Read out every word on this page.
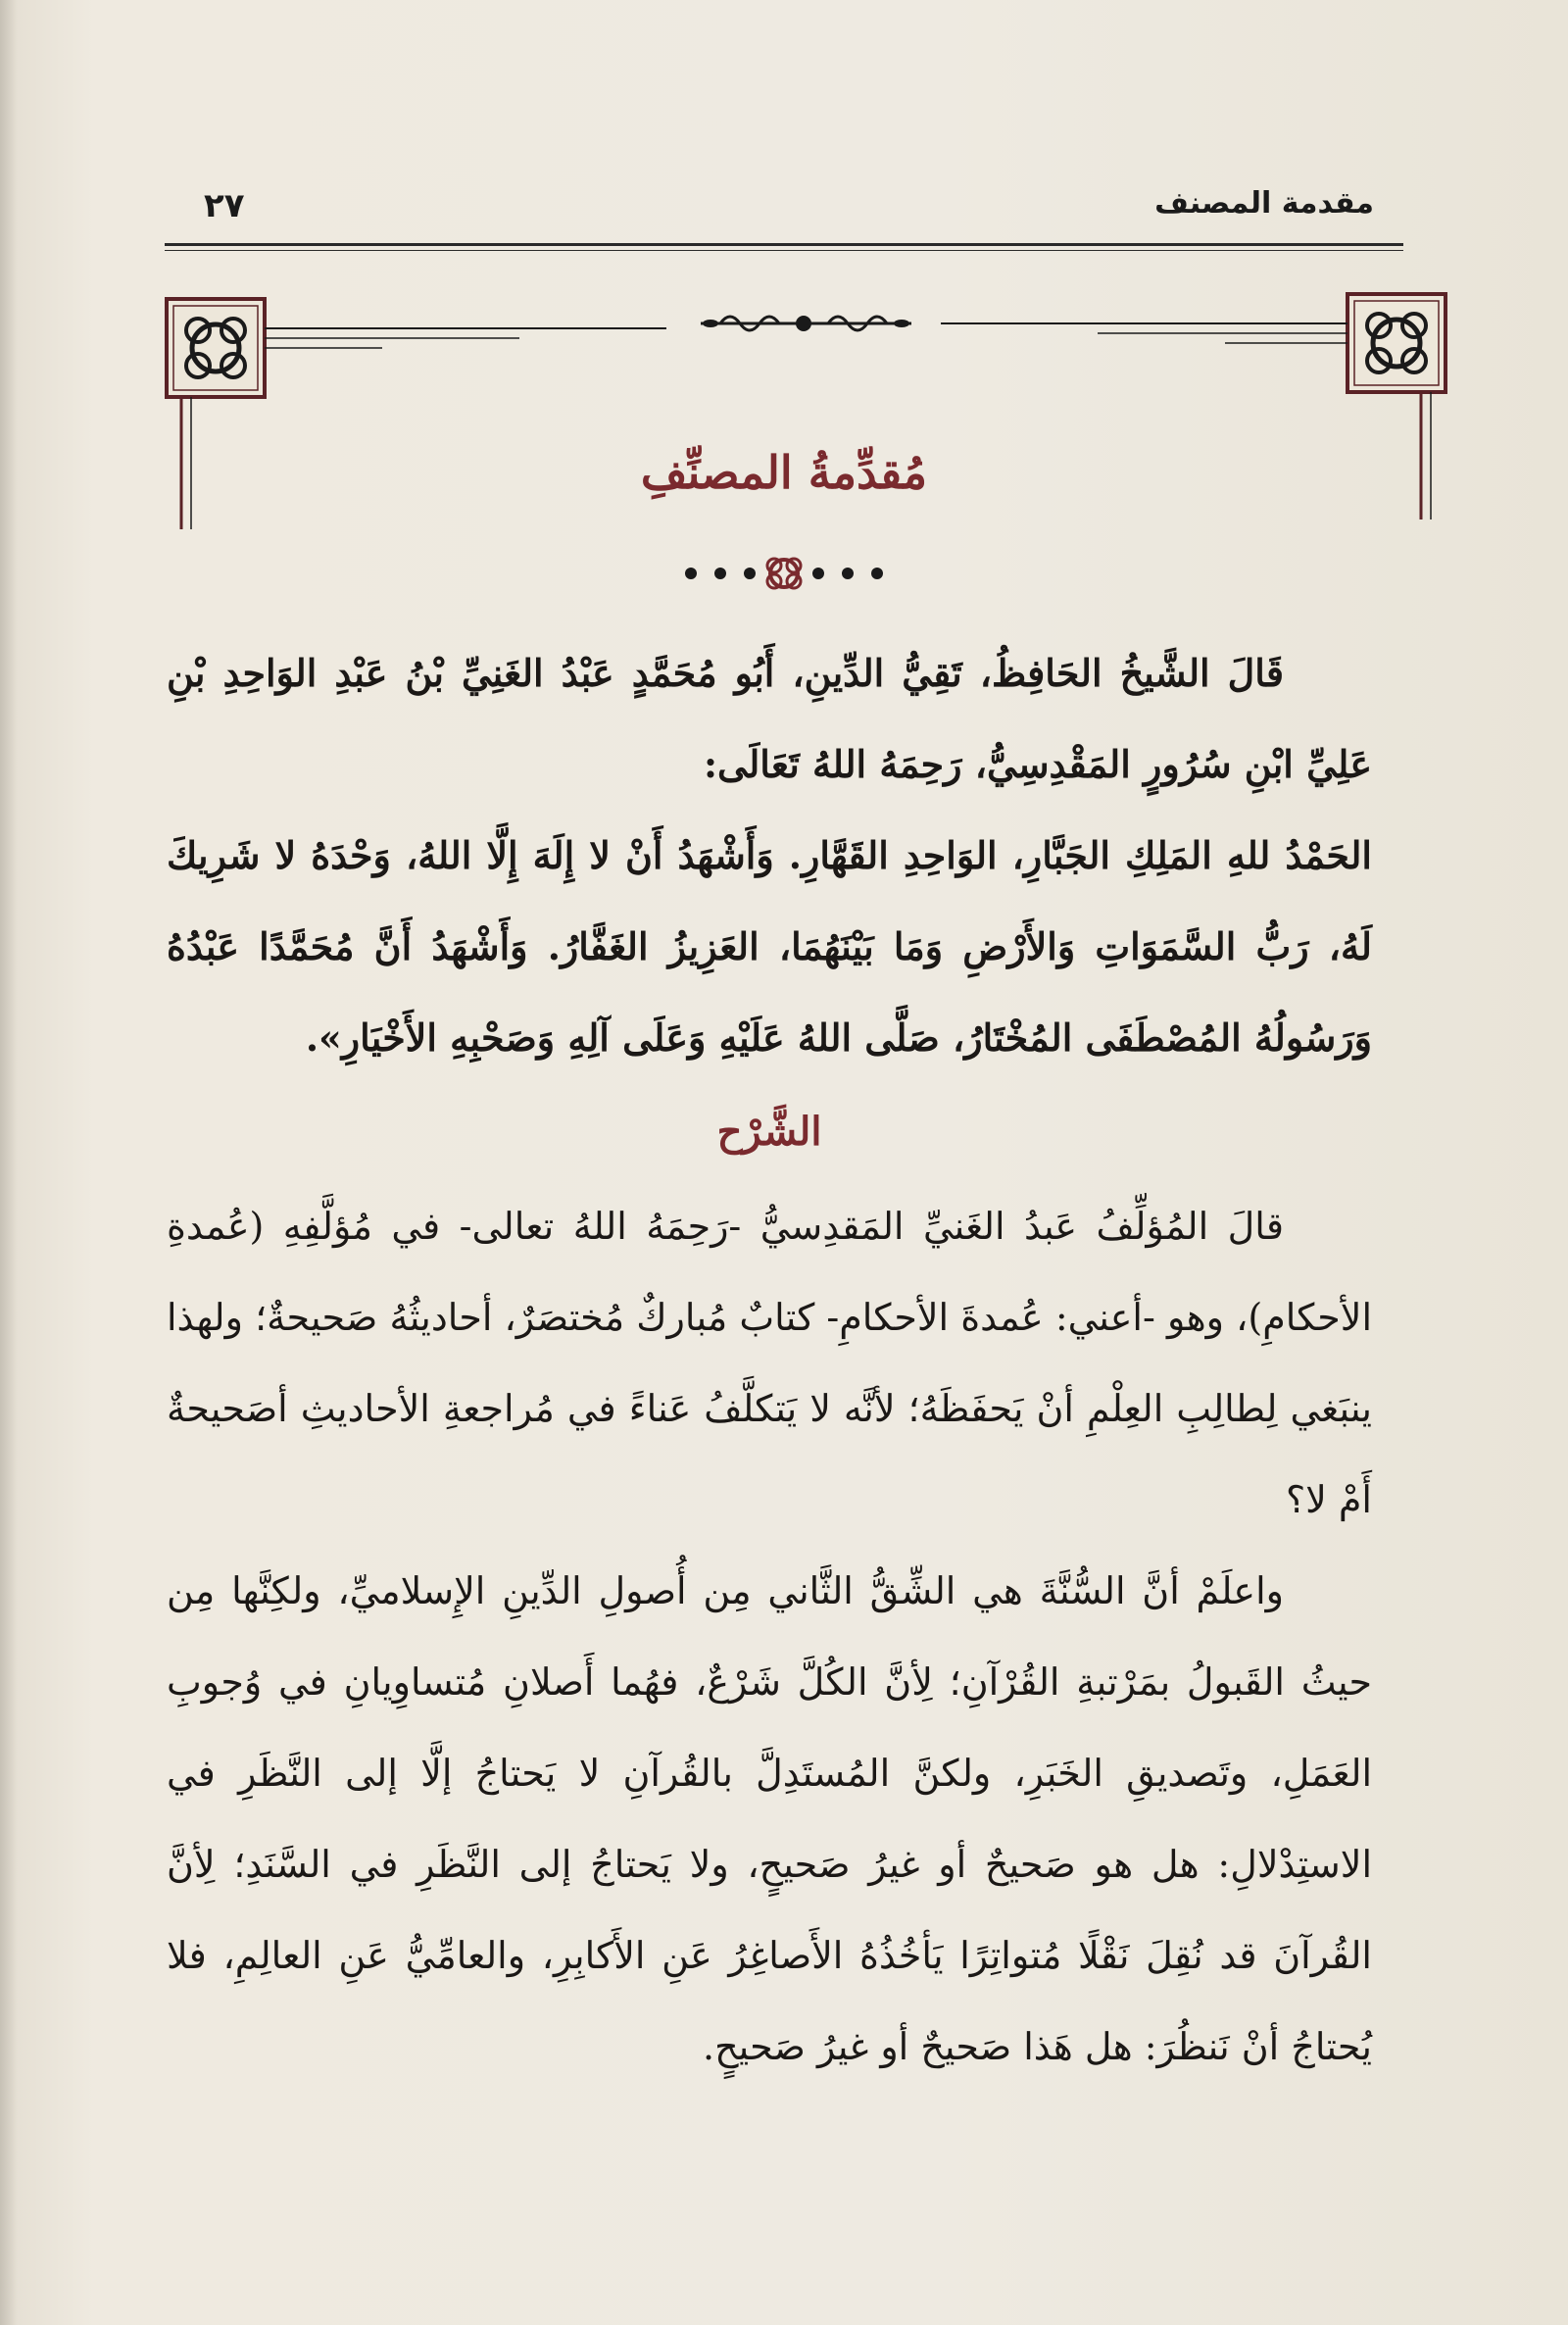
مقدمة المصنف
٢٧
مُقدِّمةُ المصنِّفِ

قَالَ الشَّيخُ الحَافِظُ، تَقِيُّ الدِّينِ، أَبُو مُحَمَّدٍ عَبْدُ الغَنِيِّ بْنُ عَبْدِ الوَاحِدِ بْنِ عَلِيِّ ابْنِ سُرُورٍ المَقْدِسِيُّ، رَحِمَهُ اللهُ تَعَالَى:

الحَمْدُ للهِ المَلِكِ الجَبَّارِ، الوَاحِدِ القَهَّارِ. وَأَشْهَدُ أَنْ لا إِلَهَ إِلَّا اللهُ، وَحْدَهُ لا شَرِيكَ لَهُ، رَبُّ السَّمَوَاتِ وَالأَرْضِ وَمَا بَيْنَهُمَا، العَزِيزُ الغَفَّارُ. وَأَشْهَدُ أَنَّ مُحَمَّدًا عَبْدُهُ وَرَسُولُهُ المُصْطَفَى المُخْتَارُ، صَلَّى اللهُ عَلَيْهِ وَعَلَى آلِهِ وَصَحْبِهِ الأَخْيَارِ».

الشَّرْح

قالَ المُؤلِّفُ عَبدُ الغَنيِّ المَقدِسيُّ -رَحِمَهُ اللهُ تعالى- في مُؤلَّفِهِ (عُمدةِ الأحكامِ)، وهو -أعني: عُمدةَ الأحكامِ- كتابٌ مُباركٌ مُختصَرٌ، أحاديثُهُ صَحيحةٌ؛ ولهذا ينبَغي لِطالِبِ العِلْمِ أنْ يَحفَظَهُ؛ لأنَّه لا يَتكلَّفُ عَناءً في مُراجعةِ الأحاديثِ أصَحيحةٌ أَمْ لا؟

واعلَمْ أنَّ السُّنَّةَ هي الشِّقُّ الثَّاني مِن أُصولِ الدِّينِ الإِسلاميِّ، ولكِنَّها مِن حيثُ القَبولُ بمَرْتبةِ القُرْآنِ؛ لِأنَّ الكُلَّ شَرْعٌ، فهُما أَصلانِ مُتساوِيانِ في وُجوبِ العَمَلِ، وتَصديقِ الخَبَرِ، ولكنَّ المُستَدِلَّ بالقُرآنِ لا يَحتاجُ إلَّا إلى النَّظَرِ في الاستِدْلالِ: هل هو صَحيحٌ أو غيرُ صَحيحٍ، ولا يَحتاجُ إلى النَّظَرِ في السَّنَدِ؛ لِأنَّ القُرآنَ قد نُقِلَ نَقْلًا مُتواتِرًا يَأخُذُهُ الأَصاغِرُ عَنِ الأَكابِرِ، والعامِّيُّ عَنِ العالِمِ، فلا يُحتاجُ أنْ نَنظُرَ: هل هَذا صَحيحٌ أو غيرُ صَحيحٍ.
